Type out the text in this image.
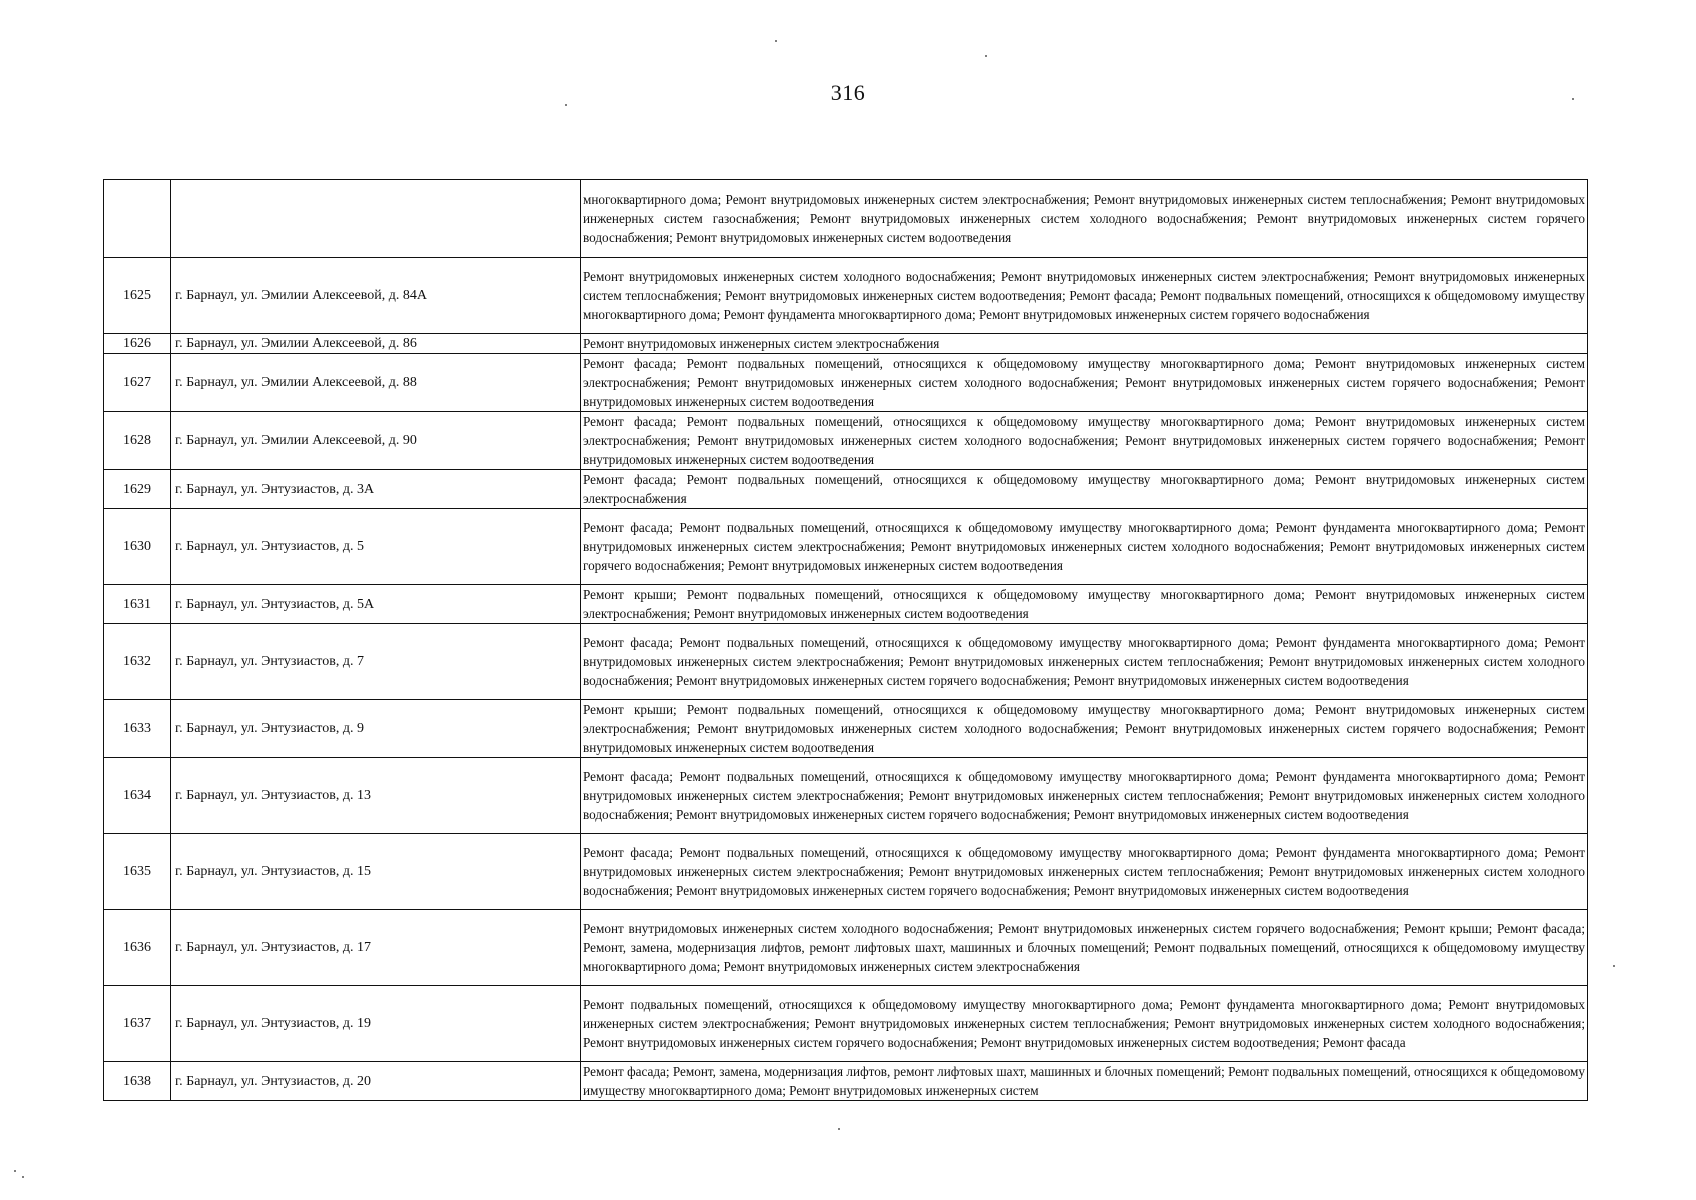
316
		многоквартирного дома; Ремонт внутридомовых инженерных систем электроснабжения; Ремонт внутридомовых инженерных систем теплоснабжения; Ремонт внутридомовых инженерных систем газоснабжения; Ремонт внутридомовых инженерных систем холодного водоснабжения; Ремонт внутридомовых инженерных систем горячего водоснабжения; Ремонт внутридомовых инженерных систем водоотведения
1625	г. Барнаул, ул. Эмилии Алексеевой, д. 84А	Ремонт внутридомовых инженерных систем холодного водоснабжения; Ремонт внутридомовых инженерных систем электроснабжения; Ремонт внутридомовых инженерных систем теплоснабжения; Ремонт внутридомовых инженерных систем водоотведения; Ремонт фасада; Ремонт подвальных помещений, относящихся к общедомовому имуществу многоквартирного дома; Ремонт фундамента многоквартирного дома; Ремонт внутридомовых инженерных систем горячего водоснабжения
1626	г. Барнаул, ул. Эмилии Алексеевой, д. 86	Ремонт внутридомовых инженерных систем электроснабжения
1627	г. Барнаул, ул. Эмилии Алексеевой, д. 88	Ремонт фасада; Ремонт подвальных помещений, относящихся к общедомовому имуществу многоквартирного дома; Ремонт внутридомовых инженерных систем электроснабжения; Ремонт внутридомовых инженерных систем холодного водоснабжения; Ремонт внутридомовых инженерных систем горячего водоснабжения; Ремонт внутридомовых инженерных систем водоотведения
1628	г. Барнаул, ул. Эмилии Алексеевой, д. 90	Ремонт фасада; Ремонт подвальных помещений, относящихся к общедомовому имуществу многоквартирного дома; Ремонт внутридомовых инженерных систем электроснабжения; Ремонт внутридомовых инженерных систем холодного водоснабжения; Ремонт внутридомовых инженерных систем горячего водоснабжения; Ремонт внутридомовых инженерных систем водоотведения
1629	г. Барнаул, ул. Энтузиастов, д. 3А	Ремонт фасада; Ремонт подвальных помещений, относящихся к общедомовому имуществу многоквартирного дома; Ремонт внутридомовых инженерных систем электроснабжения
1630	г. Барнаул, ул. Энтузиастов, д. 5	Ремонт фасада; Ремонт подвальных помещений, относящихся к общедомовому имуществу многоквартирного дома; Ремонт фундамента многоквартирного дома; Ремонт внутридомовых инженерных систем электроснабжения; Ремонт внутридомовых инженерных систем холодного водоснабжения; Ремонт внутридомовых инженерных систем горячего водоснабжения; Ремонт внутридомовых инженерных систем водоотведения
1631	г. Барнаул, ул. Энтузиастов, д. 5А	Ремонт крыши; Ремонт подвальных помещений, относящихся к общедомовому имуществу многоквартирного дома; Ремонт внутридомовых инженерных систем электроснабжения; Ремонт внутридомовых инженерных систем водоотведения
1632	г. Барнаул, ул. Энтузиастов, д. 7	Ремонт фасада; Ремонт подвальных помещений, относящихся к общедомовому имуществу многоквартирного дома; Ремонт фундамента многоквартирного дома; Ремонт внутридомовых инженерных систем электроснабжения; Ремонт внутридомовых инженерных систем теплоснабжения; Ремонт внутридомовых инженерных систем холодного водоснабжения; Ремонт внутридомовых инженерных систем горячего водоснабжения; Ремонт внутридомовых инженерных систем водоотведения
1633	г. Барнаул, ул. Энтузиастов, д. 9	Ремонт крыши; Ремонт подвальных помещений, относящихся к общедомовому имуществу многоквартирного дома; Ремонт внутридомовых инженерных систем электроснабжения; Ремонт внутридомовых инженерных систем холодного водоснабжения; Ремонт внутридомовых инженерных систем горячего водоснабжения; Ремонт внутридомовых инженерных систем водоотведения
1634	г. Барнаул, ул. Энтузиастов, д. 13	Ремонт фасада; Ремонт подвальных помещений, относящихся к общедомовому имуществу многоквартирного дома; Ремонт фундамента многоквартирного дома; Ремонт внутридомовых инженерных систем электроснабжения; Ремонт внутридомовых инженерных систем теплоснабжения; Ремонт внутридомовых инженерных систем холодного водоснабжения; Ремонт внутридомовых инженерных систем горячего водоснабжения; Ремонт внутридомовых инженерных систем водоотведения
1635	г. Барнаул, ул. Энтузиастов, д. 15	Ремонт фасада; Ремонт подвальных помещений, относящихся к общедомовому имуществу многоквартирного дома; Ремонт фундамента многоквартирного дома; Ремонт внутридомовых инженерных систем электроснабжения; Ремонт внутридомовых инженерных систем теплоснабжения; Ремонт внутридомовых инженерных систем холодного водоснабжения; Ремонт внутридомовых инженерных систем горячего водоснабжения; Ремонт внутридомовых инженерных систем водоотведения
1636	г. Барнаул, ул. Энтузиастов, д. 17	Ремонт внутридомовых инженерных систем холодного водоснабжения; Ремонт внутридомовых инженерных систем горячего водоснабжения; Ремонт крыши; Ремонт фасада; Ремонт, замена, модернизация лифтов, ремонт лифтовых шахт, машинных и блочных помещений; Ремонт подвальных помещений, относящихся к общедомовому имуществу многоквартирного дома; Ремонт внутридомовых инженерных систем электроснабжения
1637	г. Барнаул, ул. Энтузиастов, д. 19	Ремонт подвальных помещений, относящихся к общедомовому имуществу многоквартирного дома; Ремонт фундамента многоквартирного дома; Ремонт внутридомовых инженерных систем электроснабжения; Ремонт внутридомовых инженерных систем теплоснабжения; Ремонт внутридомовых инженерных систем холодного водоснабжения; Ремонт внутридомовых инженерных систем горячего водоснабжения; Ремонт внутридомовых инженерных систем водоотведения; Ремонт фасада
1638	г. Барнаул, ул. Энтузиастов, д. 20	Ремонт фасада; Ремонт, замена, модернизация лифтов, ремонт лифтовых шахт, машинных и блочных помещений; Ремонт подвальных помещений, относящихся к общедомовому имуществу многоквартирного дома; Ремонт внутридомовых инженерных систем
